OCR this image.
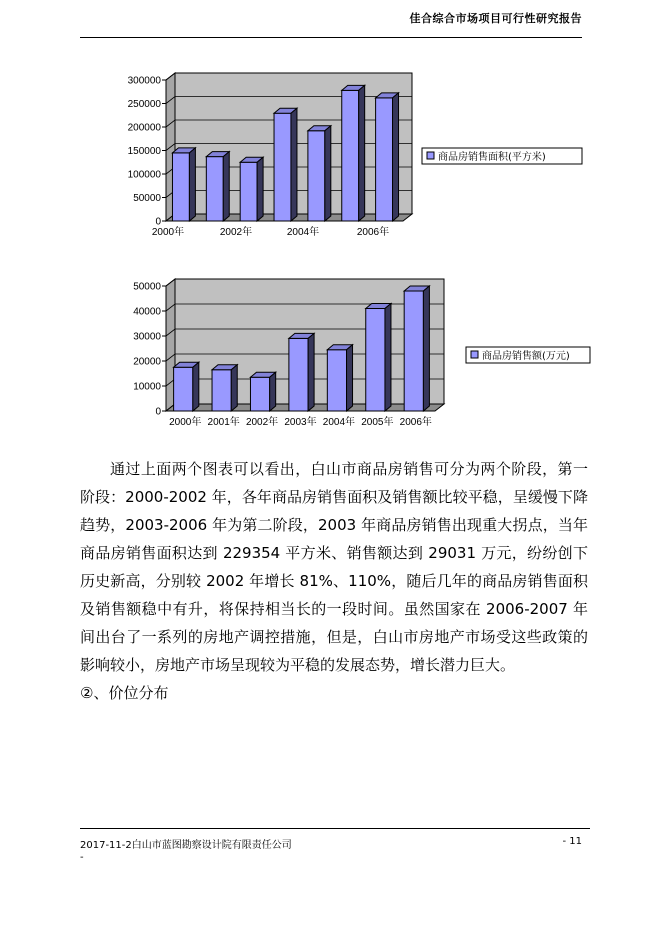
佳合综合市场项目可行性研究报告
0
50000
100000
150000
200000
250000
300000
2000年	2002年	2004年	2006年
商品房销售面积(平方米)
0
10000
20000
30000
40000
50000
2000年 2001年 2002年 2003年 2004年 2005年 2006年
商品房销售额(万元)

通过上面两个图表可以看出，白山市商品房销售可分为两个阶段，第一阶段：2000-2002 年，各年商品房销售面积及销售额比较平稳，呈缓慢下降趋势，2003-2006 年为第二阶段，2003 年商品房销售出现重大拐点，当年商品房销售面积达到 229354 平方米、销售额达到 29031 万元，纷纷创下历史新高，分别较 2002 年增长 81%、110%，随后几年的商品房销售面积及销售额稳中有升，将保持相当长的一段时间。虽然国家在 2006-2007 年间出台了一系列的房地产调控措施，但是，白山市房地产市场受这些政策的影响较小，房地产市场呈现较为平稳的发展态势，增长潜力巨大。

②、价位分布

2017-11-2白山市蓝图勘察设计院有限责任公司	- 11
-
